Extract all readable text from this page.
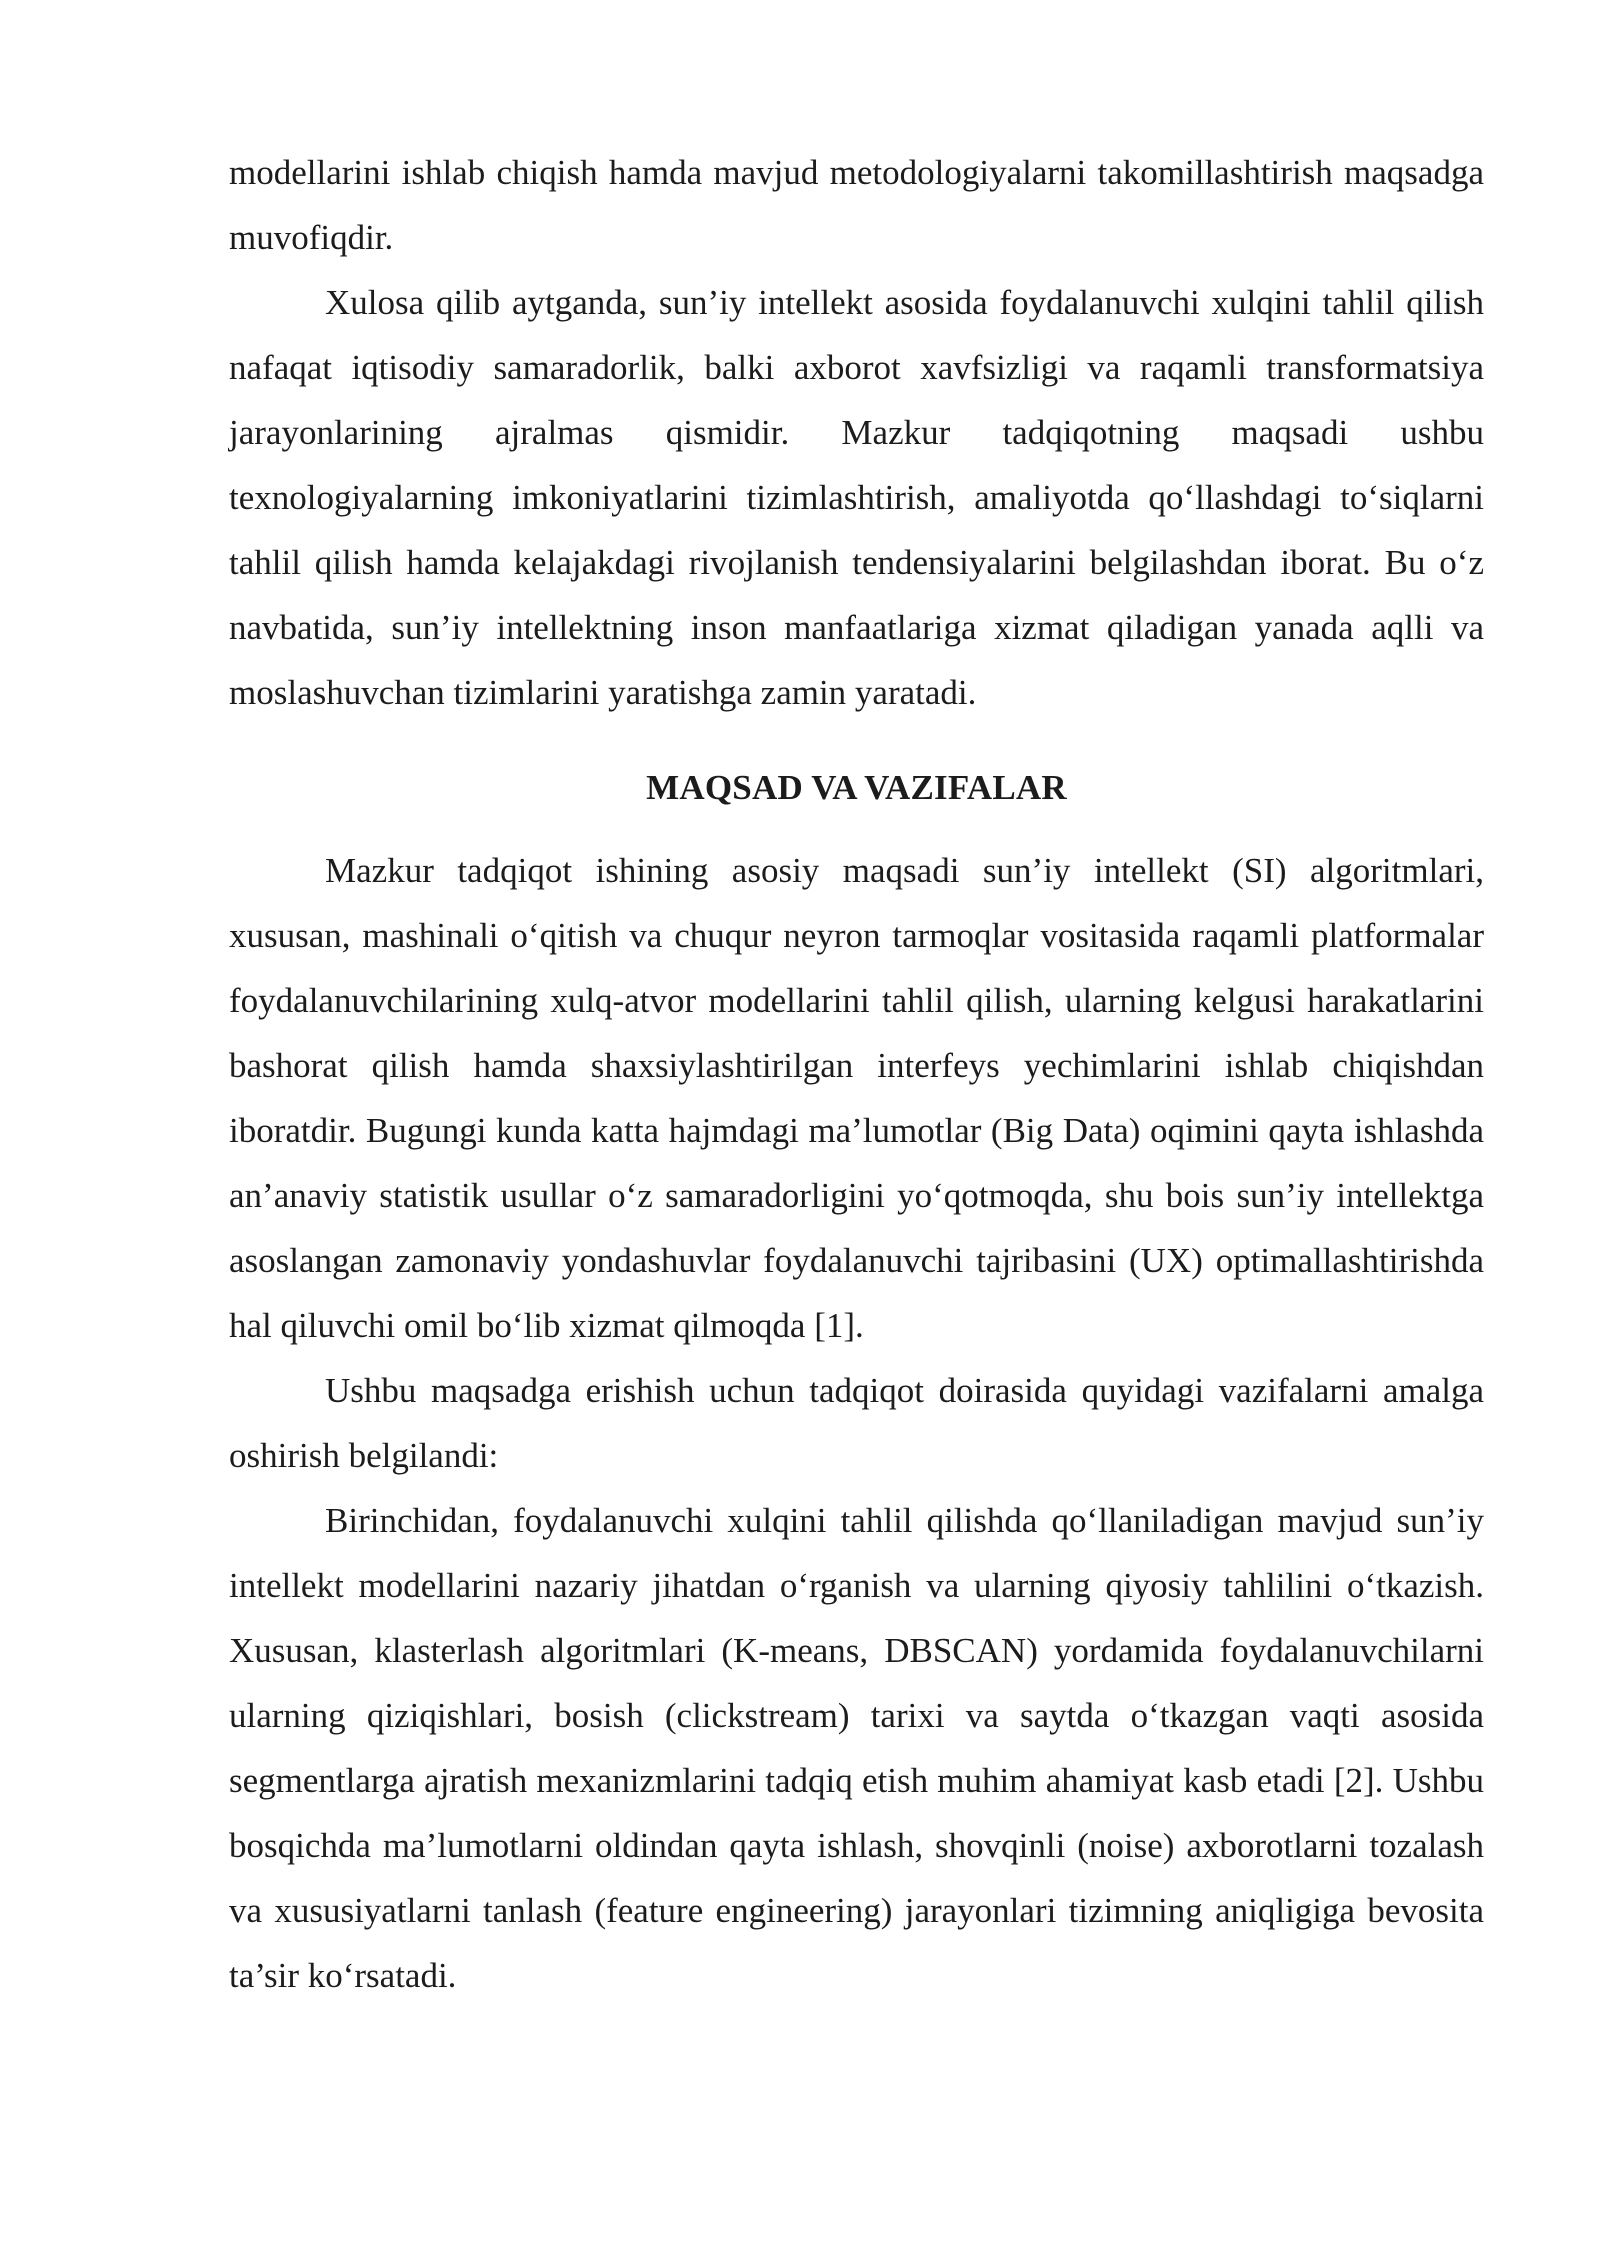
modellarini ishlab chiqish hamda mavjud metodologiyalarni takomillashtirish maqsadga muvofiqdir.

Xulosa qilib aytganda, sun’iy intellekt asosida foydalanuvchi xulqini tahlil qilish nafaqat iqtisodiy samaradorlik, balki axborot xavfsizligi va raqamli transformatsiya jarayonlarining ajralmas qismidir. Mazkur tadqiqotning maqsadi ushbu texnologiyalarning imkoniyatlarini tizimlashtirish, amaliyotda qo‘llashdagi to‘siqlarni tahlil qilish hamda kelajakdagi rivojlanish tendensiyalarini belgilashdan iborat. Bu o‘z navbatida, sun’iy intellektning inson manfaatlariga xizmat qiladigan yanada aqlli va moslashuvchan tizimlarini yaratishga zamin yaratadi.

MAQSAD VA VAZIFALAR

Mazkur tadqiqot ishining asosiy maqsadi sun’iy intellekt (SI) algoritmlari, xususan, mashinali o‘qitish va chuqur neyron tarmoqlar vositasida raqamli platformalar foydalanuvchilarining xulq-atvor modellarini tahlil qilish, ularning kelgusi harakatlarini bashorat qilish hamda shaxsiylashtirilgan interfeys yechimlarini ishlab chiqishdan iboratdir. Bugungi kunda katta hajmdagi ma’lumotlar (Big Data) oqimini qayta ishlashda an’anaviy statistik usullar o‘z samaradorligini yo‘qotmoqda, shu bois sun’iy intellektga asoslangan zamonaviy yondashuvlar foydalanuvchi tajribasini (UX) optimallashtirishda hal qiluvchi omil bo‘lib xizmat qilmoqda [1].

Ushbu maqsadga erishish uchun tadqiqot doirasida quyidagi vazifalarni amalga oshirish belgilandi:

Birinchidan, foydalanuvchi xulqini tahlil qilishda qo‘llaniladigan mavjud sun’iy intellekt modellarini nazariy jihatdan o‘rganish va ularning qiyosiy tahlilini o‘tkazish. Xususan, klasterlash algoritmlari (K-means, DBSCAN) yordamida foydalanuvchilarni ularning qiziqishlari, bosish (clickstream) tarixi va saytda o‘tkazgan vaqti asosida segmentlarga ajratish mexanizmlarini tadqiq etish muhim ahamiyat kasb etadi [2]. Ushbu bosqichda ma’lumotlarni oldindan qayta ishlash, shovqinli (noise) axborotlarni tozalash va xususiyatlarni tanlash (feature engineering) jarayonlari tizimning aniqligiga bevosita ta’sir ko‘rsatadi.
